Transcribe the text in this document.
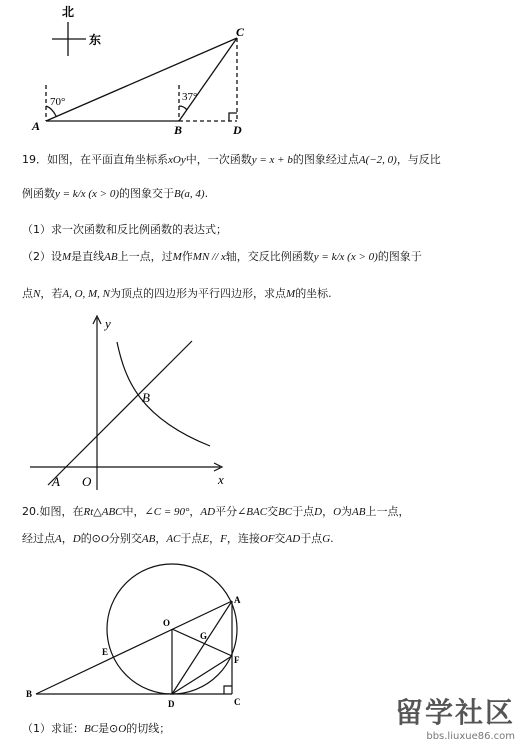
北
东
70°	37°
A	B
C
D
19．如图，在平面直角坐标系xOy中，一次函数y = x + b的图象经过点A(−2, 0)，与反比
例函数y = k/x (x > 0)的图象交于B(a, 4).
（1）求一次函数和反比例函数的表达式；
（2）设M是直线AB上一点，过M作MN // x轴，交反比例函数y = k/x (x > 0)的图象于
点N，若A, O, M, N为顶点的四边形为平行四边形，求点M的坐标.
y
x
B
A O
20.如图，在Rt△ABC中，∠C = 90°，AD平分∠BAC交BC于点D，O为AB上一点，
经过点A，D的⊙O分别交AB，AC于点E，F，连接OF交AD于点G.
A
O
G
E
F
B
D	C	留学社区
bbs.liuxue86.com
（1）求证：BC是⊙O的切线；
